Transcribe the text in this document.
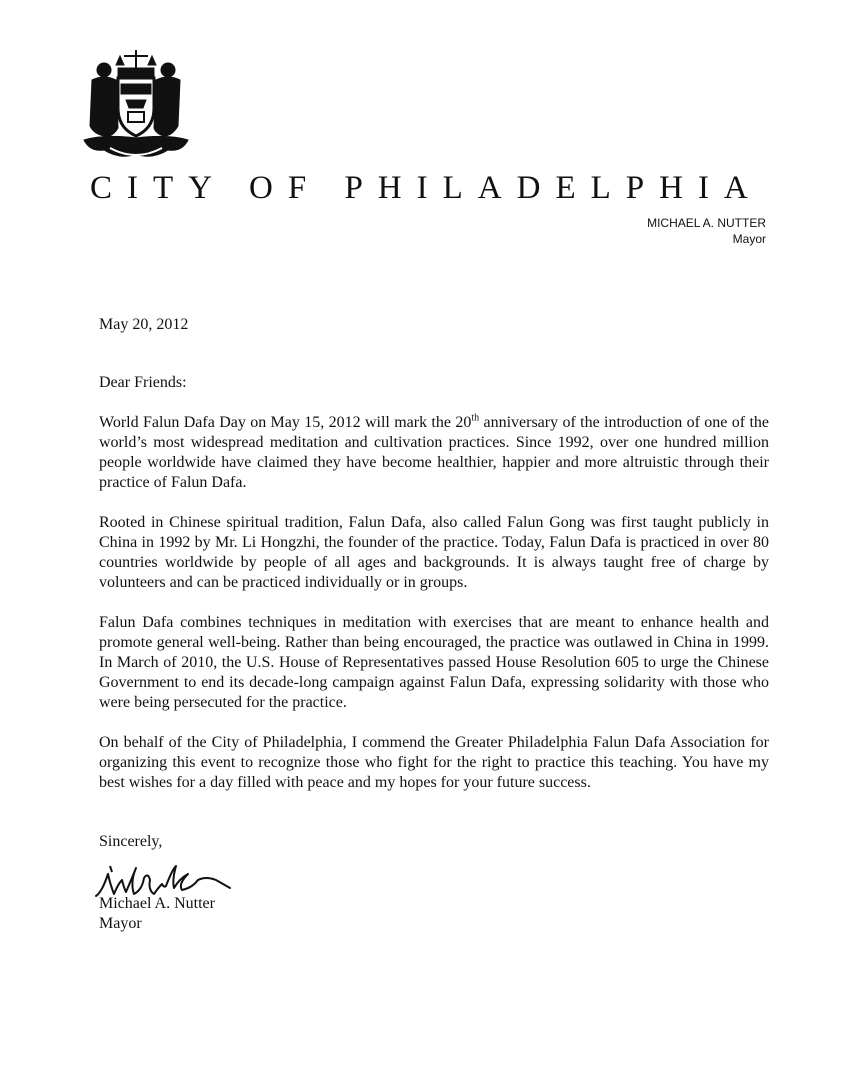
CITY OF PHILADELPHIA
MICHAEL A. NUTTER
Mayor
May 20, 2012
Dear Friends:

World Falun Dafa Day on May 15, 2012 will mark the 20th anniversary of the introduction of one of the world’s most widespread meditation and cultivation practices. Since 1992, over one hundred million people worldwide have claimed they have become healthier, happier and more altruistic through their practice of Falun Dafa.

Rooted in Chinese spiritual tradition, Falun Dafa, also called Falun Gong was first taught publicly in China in 1992 by Mr. Li Hongzhi, the founder of the practice. Today, Falun Dafa is practiced in over 80 countries worldwide by people of all ages and backgrounds. It is always taught free of charge by volunteers and can be practiced individually or in groups.

Falun Dafa combines techniques in meditation with exercises that are meant to enhance health and promote general well-being. Rather than being encouraged, the practice was outlawed in China in 1999. In March of 2010, the U.S. House of Representatives passed House Resolution 605 to urge the Chinese Government to end its decade-long campaign against Falun Dafa, expressing solidarity with those who were being persecuted for the practice.

On behalf of the City of Philadelphia, I commend the Greater Philadelphia Falun Dafa Association for organizing this event to recognize those who fight for the right to practice this teaching. You have my best wishes for a day filled with peace and my hopes for your future success.

Sincerely,
Michael A. Nutter
Mayor
